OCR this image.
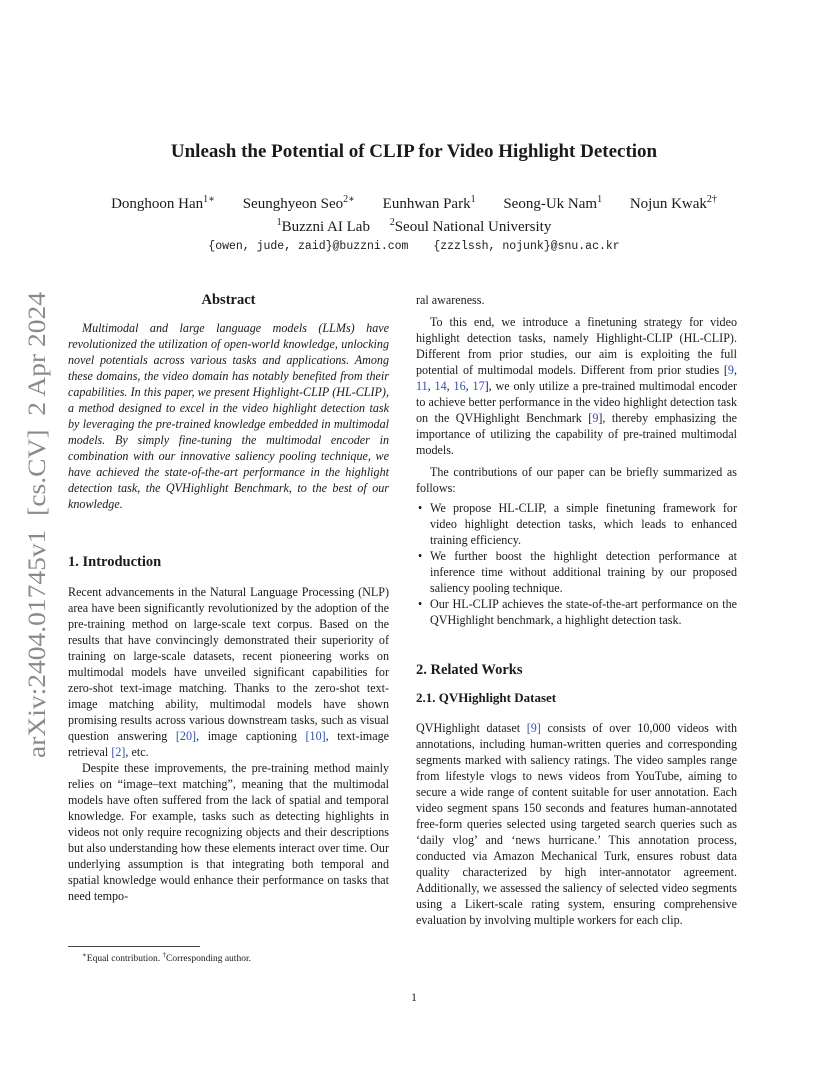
arXiv:2404.01745v1  [cs.CV]  2 Apr 2024
Unleash the Potential of CLIP for Video Highlight Detection

Donghoon Han$^{1∗}$ Seunghyeon Seo$^{2∗}$ Eunhwan Park$^1$ Seong-Uk Nam$^1$ Nojun Kwak$^{2\dagger}$

$^1$Buzzni AI Lab $^2$Seoul National University

{owen, jude, zaid}@buzzni.com {zzzlssh, nojunk}@snu.ac.kr

Abstract

Multimodal and large language models (LLMs) have revolutionized the utilization of open-world knowledge, unlocking novel potentials across various tasks and applications. Among these domains, the video domain has notably benefited from their capabilities. In this paper, we present Highlight-CLIP (HL-CLIP), a method designed to excel in the video highlight detection task by leveraging the pre-trained knowledge embedded in multimodal models. By simply fine-tuning the multimodal encoder in combination with our innovative saliency pooling technique, we have achieved the state-of-the-art performance in the highlight detection task, the QVHighlight Benchmark, to the best of our knowledge.

1. Introduction

Recent advancements in the Natural Language Processing (NLP) area have been significantly revolutionized by the adoption of the pre-training method on large-scale text corpus. Based on the results that have convincingly demonstrated their superiority of training on large-scale datasets, recent pioneering works on multimodal models have unveiled significant capabilities for zero-shot text-image matching. Thanks to the zero-shot text-image matching ability, multimodal models have shown promising results across various downstream tasks, such as visual question answering [20], image captioning [10], text-image retrieval [2], etc.

Despite these improvements, the pre-training method mainly relies on “image–text matching”, meaning that the multimodal models have often suffered from the lack of spatial and temporal knowledge. For example, tasks such as detecting highlights in videos not only require recognizing objects and their descriptions but also understanding how these elements interact over time. Our underlying assumption is that integrating both temporal and spatial knowledge would enhance their performance on tasks that need tempo-

∗Equal contribution. †Corresponding author.

ral awareness.

To this end, we introduce a finetuning strategy for video highlight detection tasks, namely Highlight-CLIP (HL-CLIP). Different from prior studies, our aim is exploiting the full potential of multimodal models. Different from prior studies [9, 11, 14, 16, 17], we only utilize a pre-trained multimodal encoder to achieve better performance in the video highlight detection task on the QVHighlight Benchmark [9], thereby emphasizing the importance of utilizing the capability of pre-trained multimodal models.

The contributions of our paper can be briefly summarized as follows:

• We propose HL-CLIP, a simple finetuning framework for video highlight detection tasks, which leads to enhanced training efficiency.
• We further boost the highlight detection performance at inference time without additional training by our proposed saliency pooling technique.
• Our HL-CLIP achieves the state-of-the-art performance on the QVHighlight benchmark, a highlight detection task.
2. Related Works
2.1. QVHighlight Dataset

QVHighlight dataset [9] consists of over 10,000 videos with annotations, including human-written queries and corresponding segments marked with saliency ratings. The video samples range from lifestyle vlogs to news videos from YouTube, aiming to secure a wide range of content suitable for user annotation. Each video segment spans 150 seconds and features human-annotated free-form queries selected using targeted search queries such as ‘daily vlog’ and ‘news hurricane.’ This annotation process, conducted via Amazon Mechanical Turk, ensures robust data quality characterized by high inter-annotator agreement. Additionally, we assessed the saliency of selected video segments using a Likert-scale rating system, ensuring comprehensive evaluation by involving multiple workers for each clip.

1
